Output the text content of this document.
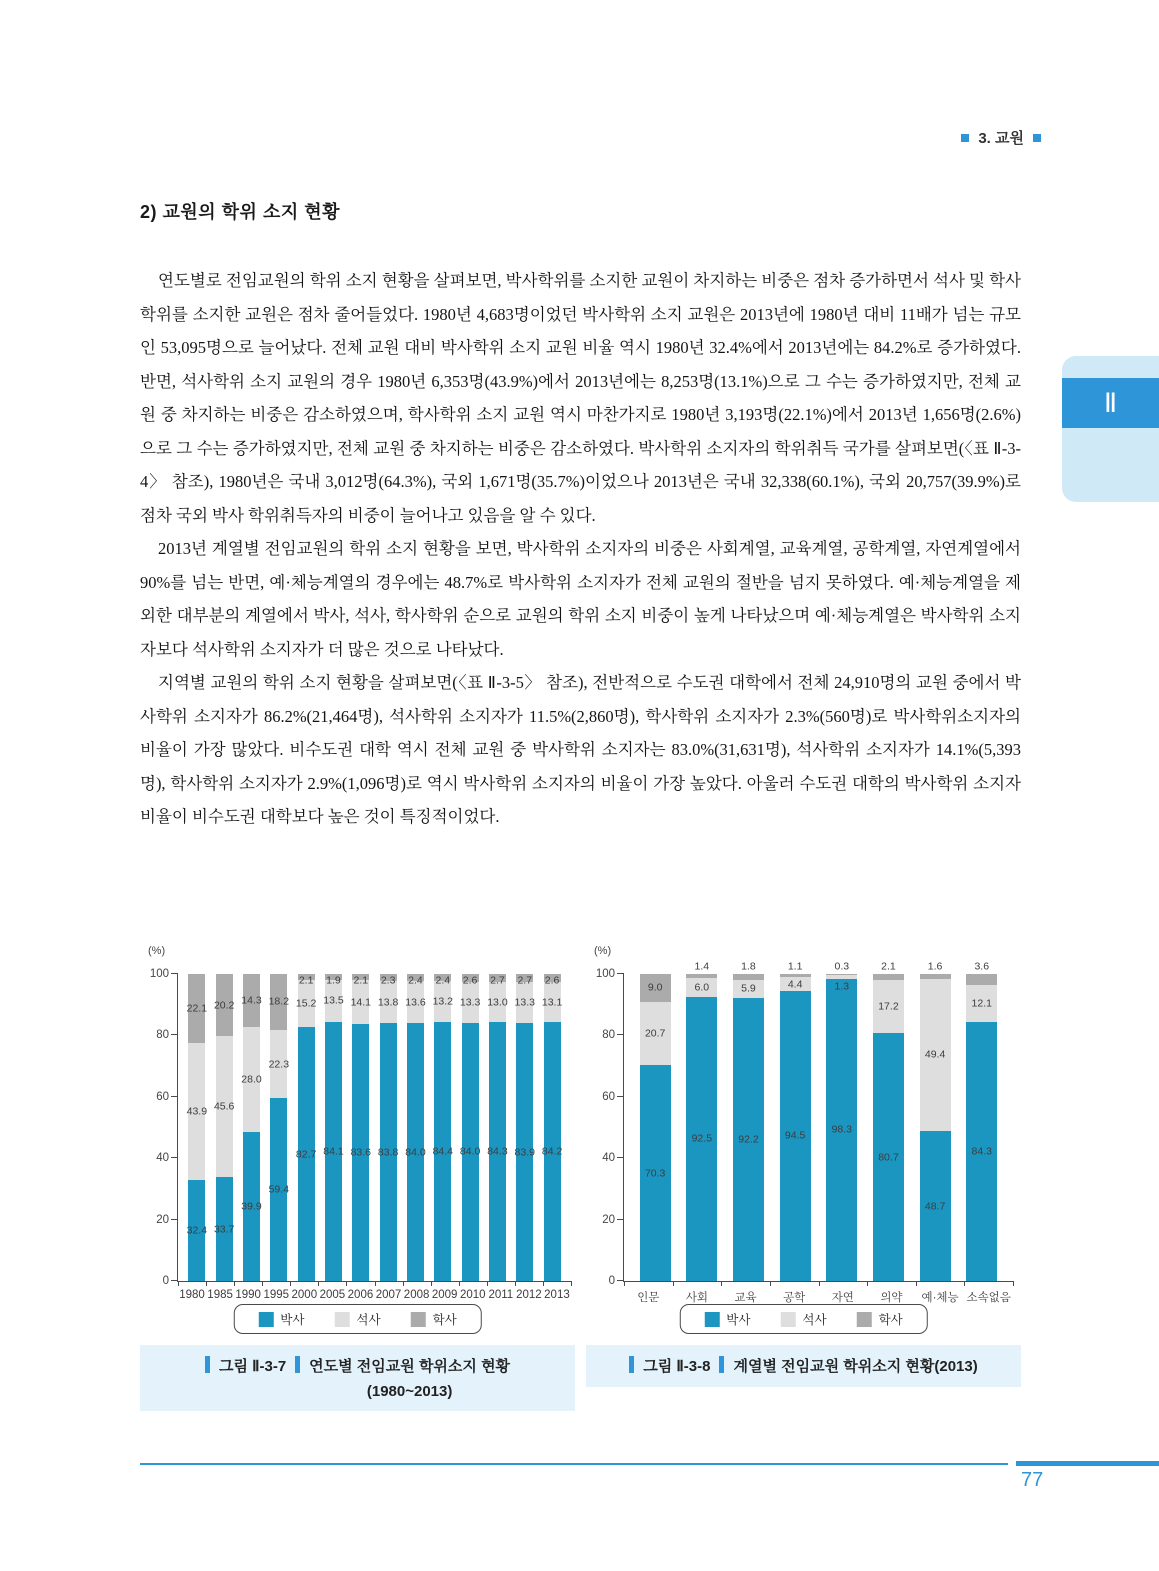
3. 교원
Ⅱ
2) 교원의 학위 소지 현황

연도별로 전임교원의 학위 소지 현황을 살펴보면, 박사학위를 소지한 교원이 차지하는 비중은 점차 증가하면서 석사 및 학사학위를 소지한 교원은 점차 줄어들었다. 1980년 4,683명이었던 박사학위 소지 교원은 2013년에 1980년 대비 11배가 넘는 규모인 53,095명으로 늘어났다. 전체 교원 대비 박사학위 소지 교원 비율 역시 1980년 32.4%에서 2013년에는 84.2%로 증가하였다. 반면, 석사학위 소지 교원의 경우 1980년 6,353명(43.9%)에서 2013년에는 8,253명(13.1%)으로 그 수는 증가하였지만, 전체 교원 중 차지하는 비중은 감소하였으며, 학사학위 소지 교원 역시 마찬가지로 1980년 3,193명(22.1%)에서 2013년 1,656명(2.6%)으로 그 수는 증가하였지만, 전체 교원 중 차지하는 비중은 감소하였다. 박사학위 소지자의 학위취득 국가를 살펴보면(〈표 Ⅱ-3-4〉 참조), 1980년은 국내 3,012명(64.3%), 국외 1,671명(35.7%)이었으나 2013년은 국내 32,338(60.1%), 국외 20,757(39.9%)로 점차 국외 박사 학위취득자의 비중이 늘어나고 있음을 알 수 있다.

2013년 계열별 전임교원의 학위 소지 현황을 보면, 박사학위 소지자의 비중은 사회계열, 교육계열, 공학계열, 자연계열에서 90%를 넘는 반면, 예·체능계열의 경우에는 48.7%로 박사학위 소지자가 전체 교원의 절반을 넘지 못하였다. 예·체능계열을 제외한 대부분의 계열에서 박사, 석사, 학사학위 순으로 교원의 학위 소지 비중이 높게 나타났으며 예·체능계열은 박사학위 소지자보다 석사학위 소지자가 더 많은 것으로 나타났다.

지역별 교원의 학위 소지 현황을 살펴보면(〈표 Ⅱ-3-5〉 참조), 전반적으로 수도권 대학에서 전체 24,910명의 교원 중에서 박사학위 소지자가 86.2%(21,464명), 석사학위 소지자가 11.5%(2,860명), 학사학위 소지자가 2.3%(560명)로 박사학위소지자의 비율이 가장 많았다. 비수도권 대학 역시 전체 교원 중 박사학위 소지자는 83.0%(31,631명), 석사학위 소지자가 14.1%(5,393명), 학사학위 소지자가 2.9%(1,096명)로 역시 박사학위 소지자의 비율이 가장 높았다. 아울러 수도권 대학의 박사학위 소지자 비율이 비수도권 대학보다 높은 것이 특징적이었다.

(%)
0
20
40
60
80
100
32.4
43.9
22.1
33.7
45.6
20.2
39.9
28.0
14.3
59.4
22.3
18.2
82.7
15.2
2.1
84.1
13.5
1.9
83.6
14.1
2.1
83.8
13.8
2.3
84.0
13.6
2.4
84.4
13.2
2.4
84.0
13.3
2.6
84.3
13.0
2.7
83.9
13.3
2.7
84.2
13.1
2.6
1980 1985 1990 1995 2000 2005 2006 2007 2008 2009 2010 2011 2012 2013
박사	석사	학사
그림 Ⅱ-3-7 연도별 전임교원 학위소지 현황
(1980~2013)
(%)
0
20
40
60
80
100
70.3
20.7
9.0
92.5
6.0
1.4
92.2
5.9
1.8
94.5
4.4
1.1
98.3
1.3
0.3
80.7
17.2
2.1
48.7
49.4
1.6
84.3
12.1
3.6
인문	사회	교육	공학	자연	의약	예·체능 소속없음
박사	석사	학사
그림 Ⅱ-3-8 계열별 전임교원 학위소지 현황(2013)
77
